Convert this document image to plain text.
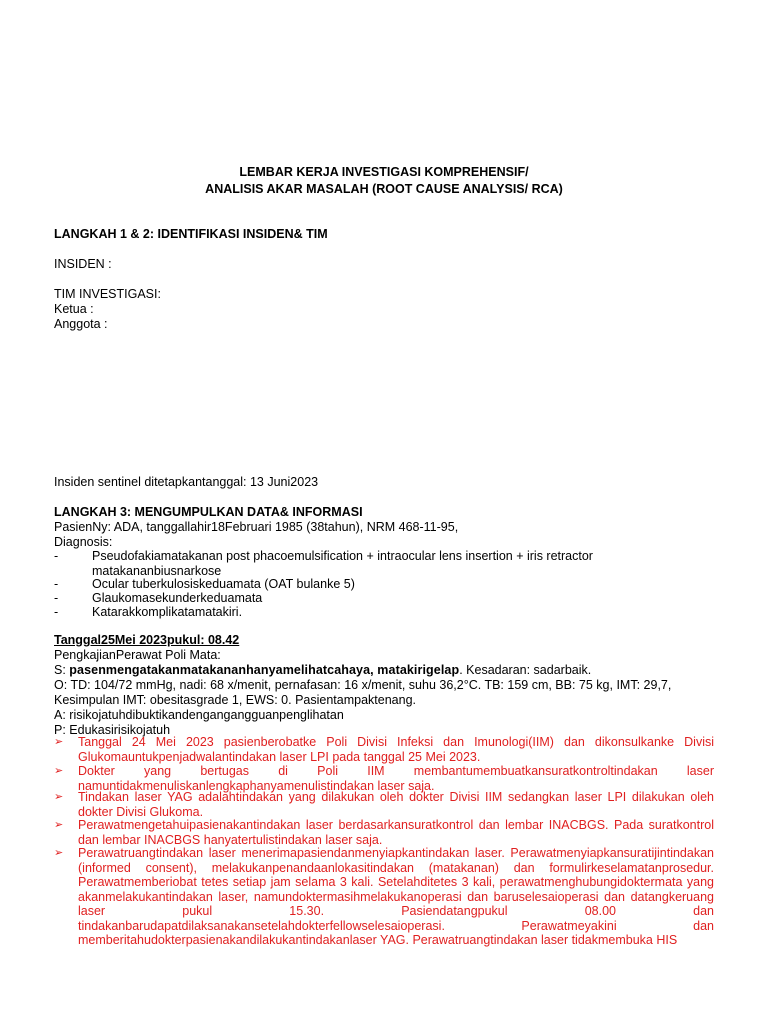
LEMBAR KERJA INVESTIGASI KOMPREHENSIF/
ANALISIS AKAR MASALAH (ROOT CAUSE ANALYSIS/ RCA)
LANGKAH 1 & 2: IDENTIFIKASI INSIDEN& TIM
INSIDEN :
TIM INVESTIGASI:
Ketua :
Anggota :
Insiden sentinel ditetapkantanggal: 13 Juni2023
LANGKAH 3: MENGUMPULKAN DATA& INFORMASI
PasienNy: ADA, tanggallahir18Februari 1985 (38tahun), NRM 468-11-95,
Diagnosis:
-	Pseudofakiamatakanan post phacoemulsification + intraocular lens insertion + iris retractor matakananbiusnarkose
-	Ocular tuberkulosiskeduamata (OAT bulanke 5)
-	Glaukomasekunderkeduamata
-	Katarakkomplikatamatakiri.
Tanggal25Mei 2023pukul: 08.42
PengkajianPerawat Poli Mata:
S: pasenmengatakanmatakananhanyamelihatcahaya, matakirigelap. Kesadaran: sadarbaik.
O: TD: 104/72 mmHg, nadi: 68 x/menit, pernafasan: 16 x/menit, suhu 36,2°C. TB: 159 cm, BB: 75 kg, IMT: 29,7,
Kesimpulan IMT: obesitasgrade 1, EWS: 0. Pasientampaktenang.
A: risikojatuhdibuktikandengangangguanpenglihatan
P: Edukasirisikojatuh
➢ Tanggal 24 Mei 2023 pasienberobatke Poli Divisi Infeksi dan Imunologi(IIM) dan dikonsulkanke Divisi Glukomauntukpenjadwalantindakan laser LPI pada tanggal 25 Mei 2023.
➢ Dokter yang bertugas di Poli IIM membantumembuatkansuratkontroltindakan laser namuntidakmenuliskanlengkaphanyamenulistindakan laser saja.
➢ Tindakan laser YAG adalahtindakan yang dilakukan oleh dokter Divisi IIM sedangkan laser LPI dilakukan oleh dokter Divisi Glukoma.
➢ Perawatmengetahuipasienakantindakan laser berdasarkansuratkontrol dan lembar INACBGS. Pada suratkontrol dan lembar INACBGS hanyatertulistindakan laser saja.
➢ Perawatruangtindakan laser menerimapasiendanmenyiapkantindakan laser. Perawatmenyiapkansuratijintindakan (informed consent), melakukanpenandaanlokasitindakan (matakanan) dan formulirkeselamatanprosedur. Perawatmemberiobat tetes setiap jam selama 3 kali. Setelahditetes 3 kali, perawatmenghubungidoktermata yang akanmelakukantindakan laser, namundoktermasihmelakukanoperasi dan baruselesaioperasi dan datangkeruang laser pukul 15.30. Pasiendatangpukul 08.00 dan tindakanbarudapatdilaksanakansetelahdokterfellowselesaioperasi. Perawatmeyakini dan memberitahudokterpasienakandilakukantindakanlaser YAG. Perawatruangtindakan laser tidakmembuka HIS
